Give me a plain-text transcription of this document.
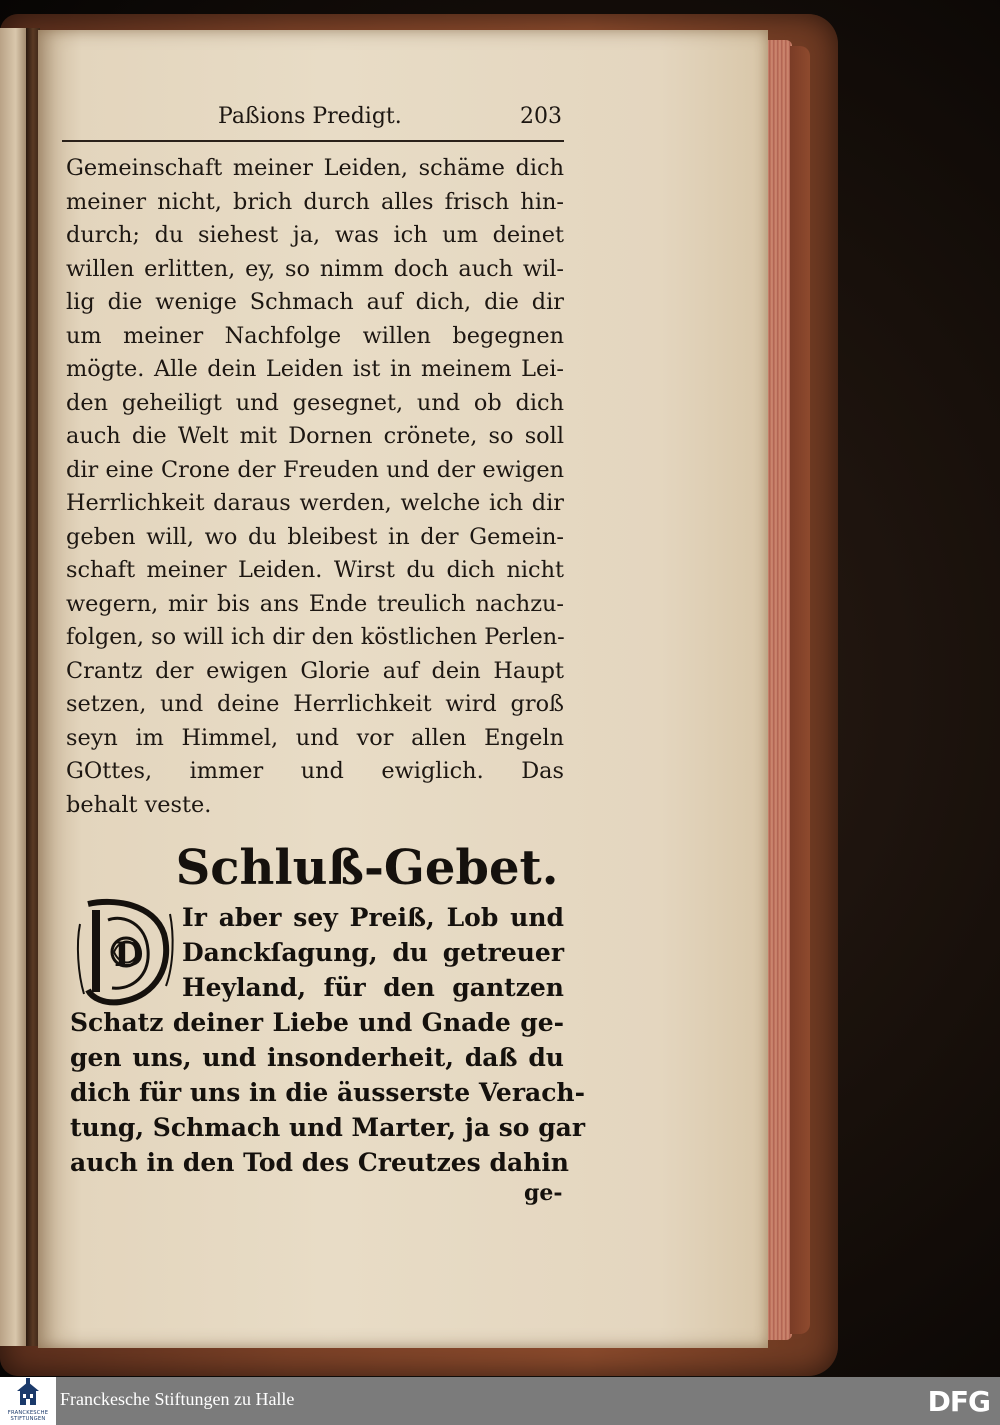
Paßions Predigt.	203
Gemeinschaft meiner Leiden, schäme dich
meiner nicht, brich durch alles frisch hin-
durch; du siehest ja, was ich um deinet
willen erlitten, ey, so nimm doch auch wil-
lig die wenige Schmach auf dich, die dir
um meiner Nachfolge willen begegnen
mögte. Alle dein Leiden ist in meinem Lei-
den geheiligt und gesegnet, und ob dich
auch die Welt mit Dornen crönete, so soll
dir eine Crone der Freuden und der ewigen
Herrlichkeit daraus werden, welche ich dir
geben will, wo du bleibest in der Gemein-
schaft meiner Leiden. Wirst du dich nicht
wegern, mir bis ans Ende treulich nachzu-
folgen, so will ich dir den köstlichen Perlen-
Crantz der ewigen Glorie auf dein Haupt
setzen, und deine Herrlichkeit wird groß
seyn im Himmel, und vor allen Engeln
GOttes, immer und ewiglich. Das
behalt veste.
Schluß-Gebet.
D
Ir aber sey Preiß, Lob und
Danckſagung, du getreuer
Heyland, für den gantzen
Schatz deiner Liebe und Gnade ge-
gen uns, und insonderheit, daß du
dich für uns in die äusserste Verach-
tung, Schmach und Marter, ja so gar
auch in den Tod des Creutzes dahin
ge-
FRANCKESCHE
STIFTUNGEN
Franckesche Stiftungen zu Halle	DFG
